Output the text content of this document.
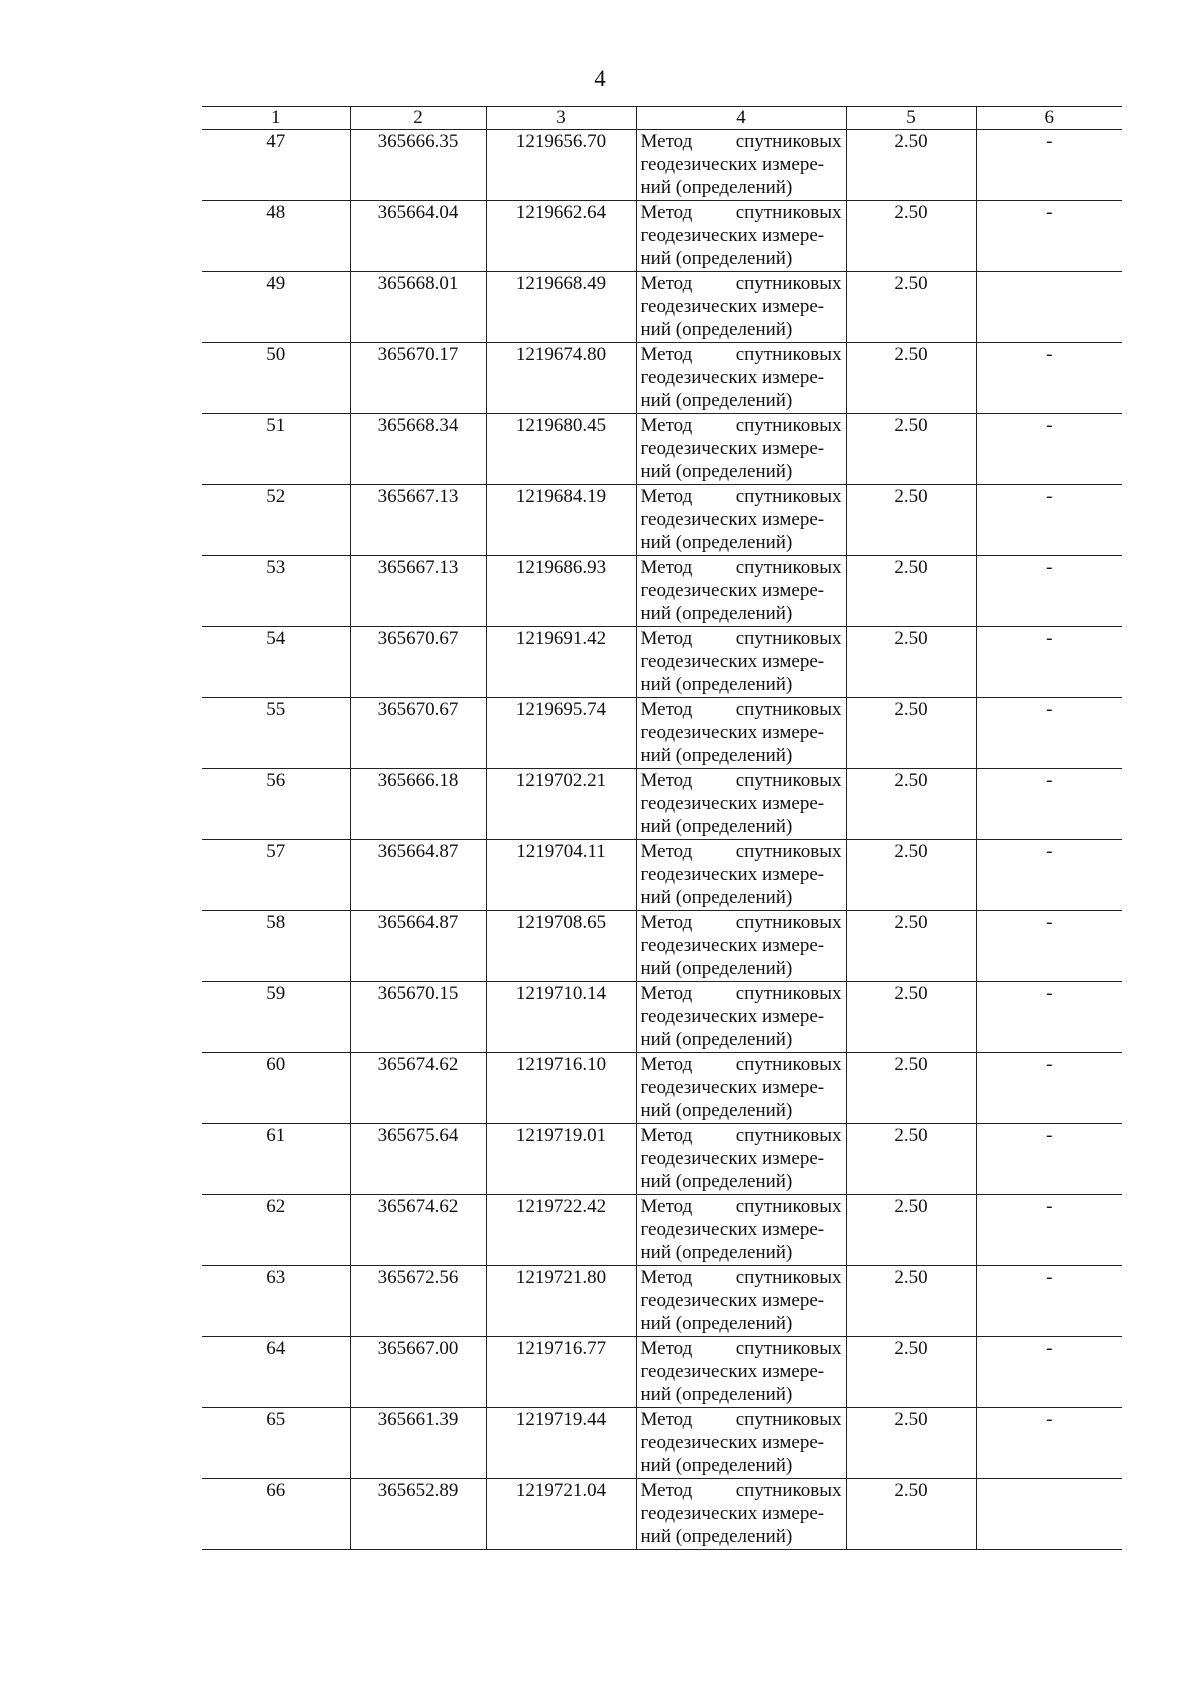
4
1	2	3	4	5	6
47	365666.35	1219656.70	Метод спутниковых
геодезических измере-
ний (определений)	2.50	-
48	365664.04	1219662.64	Метод спутниковых
геодезических измере-
ний (определений)	2.50	-
49	365668.01	1219668.49	Метод спутниковых
геодезических измере-
ний (определений)	2.50	
50	365670.17	1219674.80	Метод спутниковых
геодезических измере-
ний (определений)	2.50	-
51	365668.34	1219680.45	Метод спутниковых
геодезических измере-
ний (определений)	2.50	-
52	365667.13	1219684.19	Метод спутниковых
геодезических измере-
ний (определений)	2.50	-
53	365667.13	1219686.93	Метод спутниковых
геодезических измере-
ний (определений)	2.50	-
54	365670.67	1219691.42	Метод спутниковых
геодезических измере-
ний (определений)	2.50	-
55	365670.67	1219695.74	Метод спутниковых
геодезических измере-
ний (определений)	2.50	-
56	365666.18	1219702.21	Метод спутниковых
геодезических измере-
ний (определений)	2.50	-
57	365664.87	1219704.11	Метод спутниковых
геодезических измере-
ний (определений)	2.50	-
58	365664.87	1219708.65	Метод спутниковых
геодезических измере-
ний (определений)	2.50	-
59	365670.15	1219710.14	Метод спутниковых
геодезических измере-
ний (определений)	2.50	-
60	365674.62	1219716.10	Метод спутниковых
геодезических измере-
ний (определений)	2.50	-
61	365675.64	1219719.01	Метод спутниковых
геодезических измере-
ний (определений)	2.50	-
62	365674.62	1219722.42	Метод спутниковых
геодезических измере-
ний (определений)	2.50	-
63	365672.56	1219721.80	Метод спутниковых
геодезических измере-
ний (определений)	2.50	-
64	365667.00	1219716.77	Метод спутниковых
геодезических измере-
ний (определений)	2.50	-
65	365661.39	1219719.44	Метод спутниковых
геодезических измере-
ний (определений)	2.50	-
66	365652.89	1219721.04	Метод спутниковых
геодезических измере-
ний (определений)	2.50	
